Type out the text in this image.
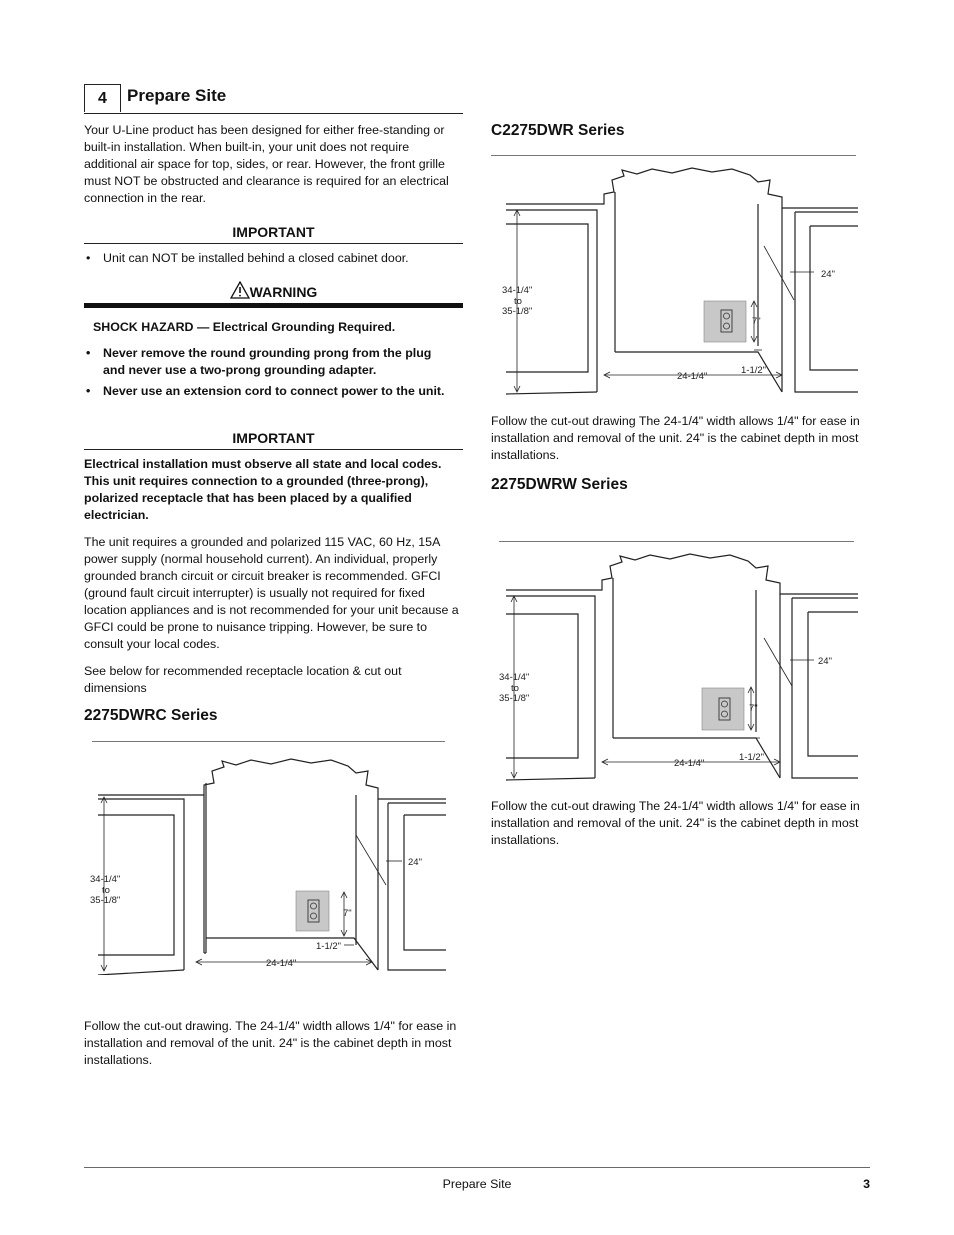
4	Prepare Site

Your U-Line product has been designed for either free-standing or built-in installation. When built-in, your unit does not require additional air space for top, sides, or rear. However, the front grille must NOT be obstructed and clearance is required for an electrical connection in the rear.

IMPORTANT
• Unit can NOT be installed behind a closed cabinet door.
WARNING

SHOCK HAZARD — Electrical Grounding Required.

• Never remove the round grounding prong from the plug and never use a two-prong grounding adapter.
• Never use an extension cord to connect power to the unit.
IMPORTANT

Electrical installation must observe all state and local codes. This unit requires connection to a grounded (three-prong), polarized receptacle that has been placed by a qualified electrician.

The unit requires a grounded and polarized 115 VAC, 60 Hz, 15A power supply (normal household current). An individual, properly grounded branch circuit or circuit breaker is recommended. GFCI (ground fault circuit interrupter) is usually not required for fixed location appliances and is not recommended for your unit because a GFCI could be prone to nuisance tripping. However, be sure to consult your local codes.

See below for recommended receptacle location & cut out dimensions

2275DWRC Series
34-1/4"
to
35-1/8"
24"
7"
1-1/2"
24-1/4"

Follow the cut-out drawing. The 24-1/4" width allows 1/4" for ease in installation and removal of the unit. 24" is the cabinet depth in most installations.

C2275DWR Series
34-1/4"
to
35-1/8"
24"
7"
1-1/2"
24-1/4"

Follow the cut-out drawing The 24-1/4" width allows 1/4" for ease in installation and removal of the unit. 24" is the cabinet depth in most installations.

2275DWRW Series
34-1/4"
to
35-1/8"
24"
7"
1-1/2"
24-1/4"

Follow the cut-out drawing The 24-1/4" width allows 1/4" for ease in installation and removal of the unit. 24" is the cabinet depth in most installations.

Prepare Site	3
